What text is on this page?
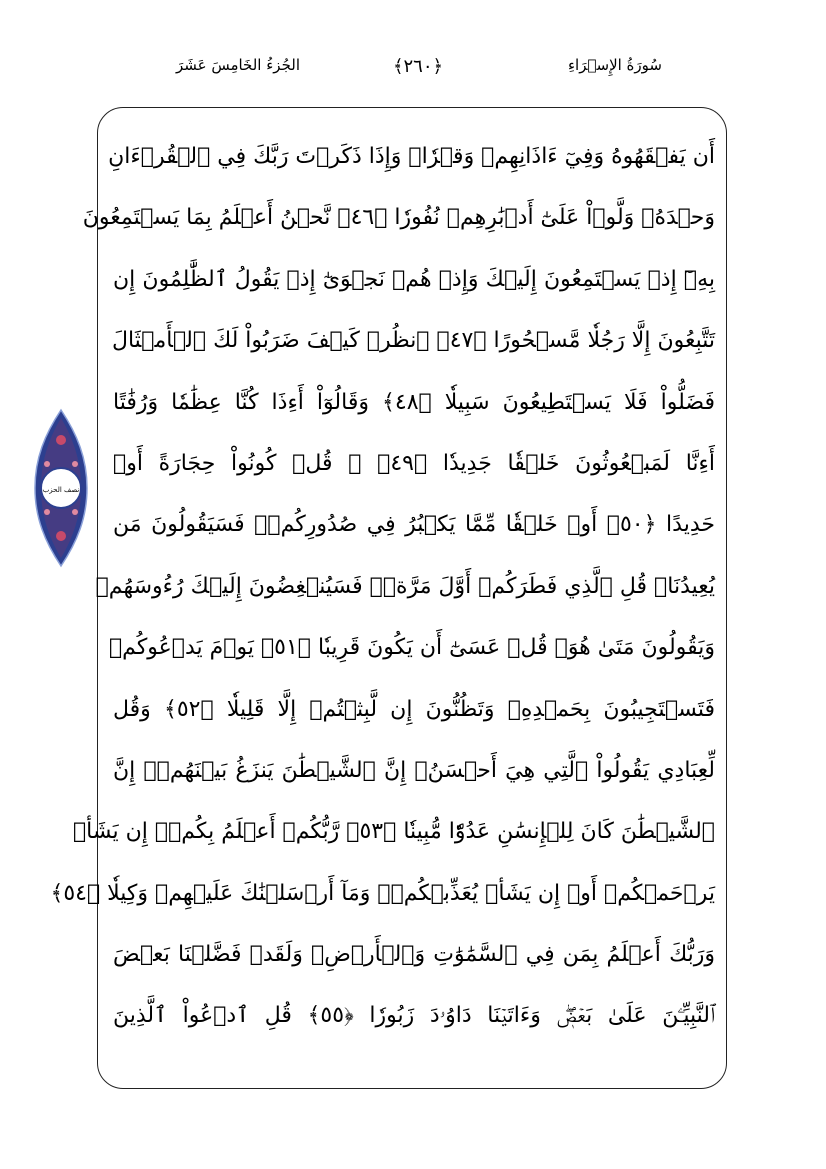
سُورَةُ الإِسۡرَاءِ
﴿٢٦٠﴾
الجُزءُ الخَامِسَ عَشَرَ
أَن يَفۡقَهُوهُ وَفِيٓ ءَاذَانِهِمۡ وَقۡرٗاۚ وَإِذَا ذَكَرۡتَ رَبَّكَ فِي ٱلۡقُرۡءَانِ
وَحۡدَهُۥ وَلَّوۡاْ عَلَىٰٓ أَدۡبَٰرِهِمۡ نُفُورٗا ﴿٤٦﴾ نَّحۡنُ أَعۡلَمُ بِمَا يَسۡتَمِعُونَ
بِهِۦٓ إِذۡ يَسۡتَمِعُونَ إِلَيۡكَ وَإِذۡ هُمۡ نَجۡوَىٰٓ إِذۡ يَقُولُ ٱلظَّٰلِمُونَ إِن
تَتَّبِعُونَ إِلَّا رَجُلٗا مَّسۡحُورًا ﴿٤٧﴾ ٱنظُرۡ كَيۡفَ ضَرَبُواْ لَكَ ٱلۡأَمۡثَالَ
فَضَلُّواْ فَلَا يَسۡتَطِيعُونَ سَبِيلٗا ﴿٤٨﴾ وَقَالُوٓاْ أَءِذَا كُنَّا عِظَٰمٗا وَرُفَٰتًا
أَءِنَّا لَمَبۡعُوثُونَ خَلۡقٗا جَدِيدٗا ﴿٤٩﴾ ۞ قُلۡ كُونُواْ حِجَارَةً أَوۡ
حَدِيدًا ﴿٥٠﴾ أَوۡ خَلۡقٗا مِّمَّا يَكۡبُرُ فِي صُدُورِكُمۡۚ فَسَيَقُولُونَ مَن
يُعِيدُنَاۖ قُلِ ٱلَّذِي فَطَرَكُمۡ أَوَّلَ مَرَّةٖۚ فَسَيُنۡغِضُونَ إِلَيۡكَ رُءُوسَهُمۡ
وَيَقُولُونَ مَتَىٰ هُوَۖ قُلۡ عَسَىٰٓ أَن يَكُونَ قَرِيبٗا ﴿٥١﴾ يَوۡمَ يَدۡعُوكُمۡ
فَتَسۡتَجِيبُونَ بِحَمۡدِهِۦ وَتَظُنُّونَ إِن لَّبِثۡتُمۡ إِلَّا قَلِيلٗا ﴿٥٢﴾ وَقُل
لِّعِبَادِي يَقُولُواْ ٱلَّتِي هِيَ أَحۡسَنُۚ إِنَّ ٱلشَّيۡطَٰنَ يَنزَغُ بَيۡنَهُمۡۚ إِنَّ
ٱلشَّيۡطَٰنَ كَانَ لِلۡإِنسَٰنِ عَدُوّٗا مُّبِينٗا ﴿٥٣﴾ رَّبُّكُمۡ أَعۡلَمُ بِكُمۡۖ إِن يَشَأۡ
يَرۡحَمۡكُمۡ أَوۡ إِن يَشَأۡ يُعَذِّبۡكُمۡۚ وَمَآ أَرۡسَلۡنَٰكَ عَلَيۡهِمۡ وَكِيلٗا ﴿٥٤﴾
وَرَبُّكَ أَعۡلَمُ بِمَن فِي ٱلسَّمَٰوَٰتِ وَٱلۡأَرۡضِۗ وَلَقَدۡ فَضَّلۡنَا بَعۡضَ
ٱلنَّبِيِّـۧنَ عَلَىٰ بَعۡضٖۖ وَءَاتَيۡنَا دَاوُۥدَ زَبُورٗا ﴿٥٥﴾ قُلِ ٱدۡعُواْ ٱلَّذِينَ
نصف الحزب
